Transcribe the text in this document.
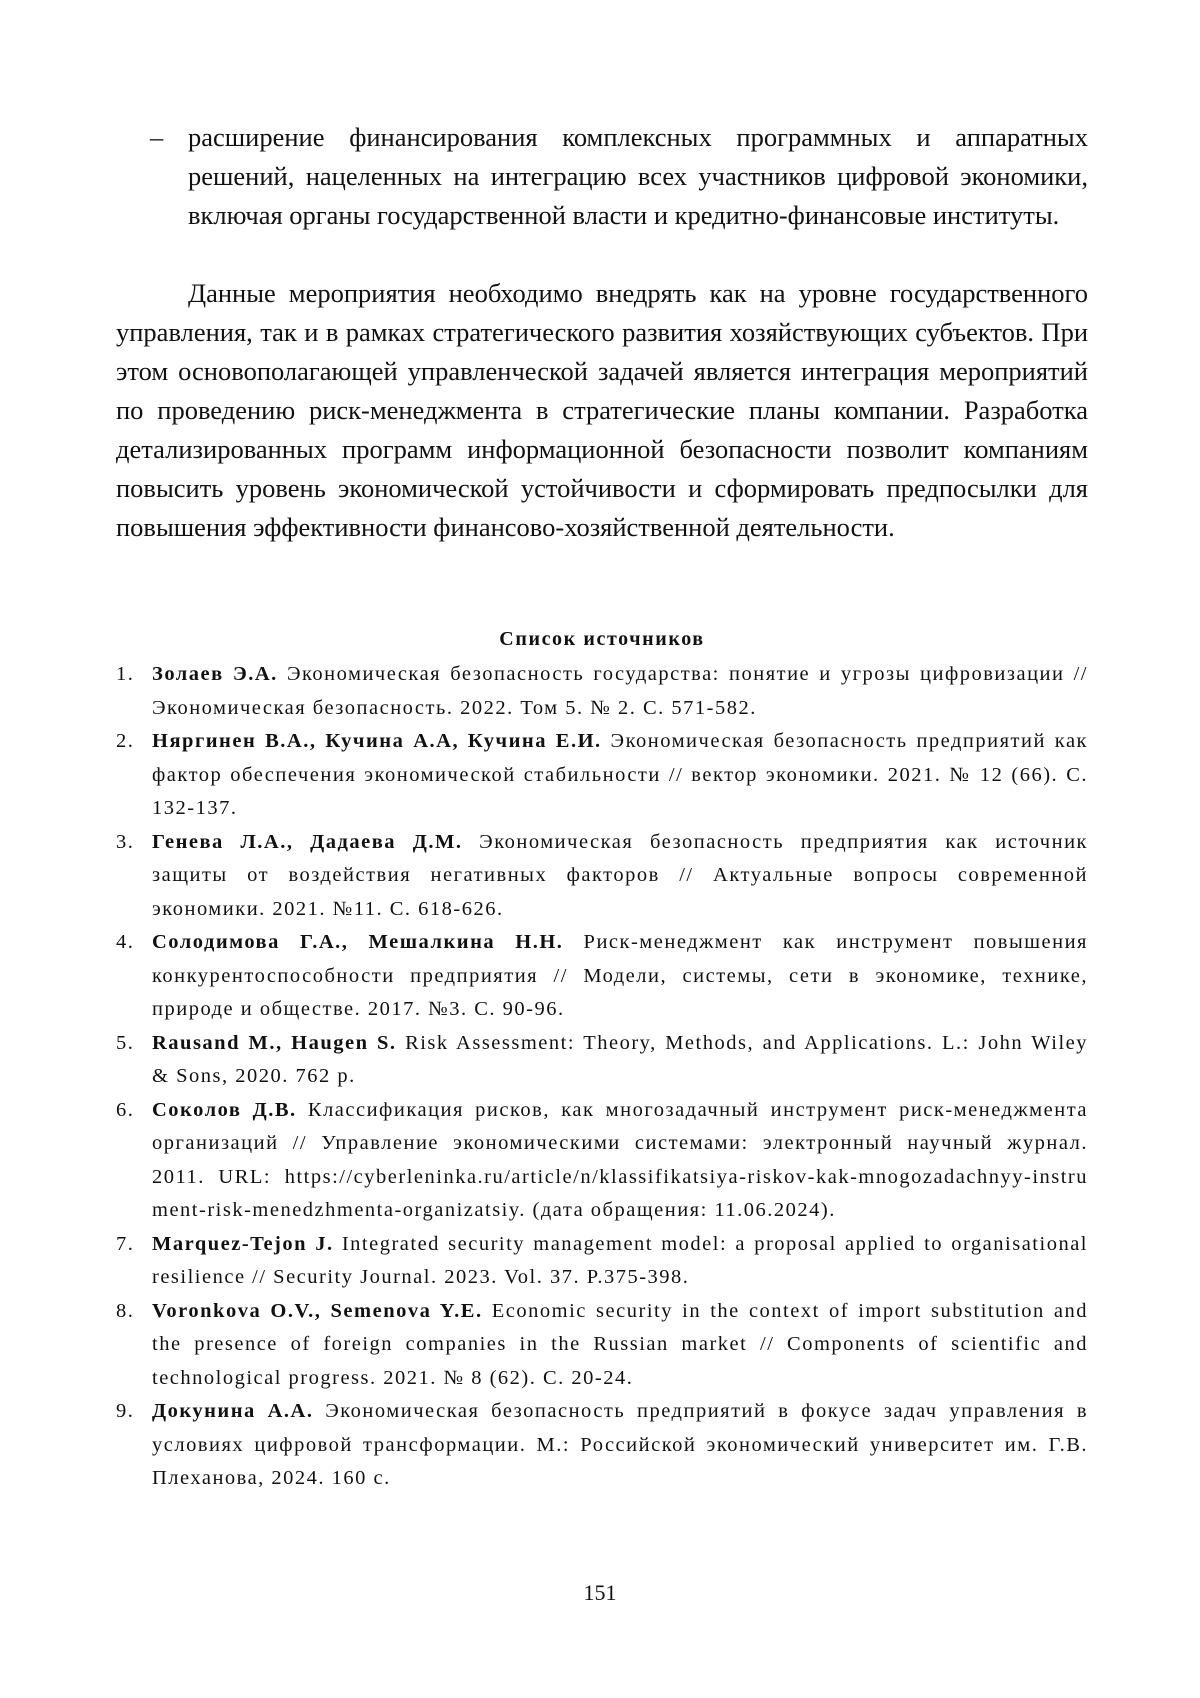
– расширение финансирования комплексных программных и аппаратных решений, нацеленных на интеграцию всех участников цифровой экономики, включая органы государственной власти и кредитно-финансовые институты.
Данные мероприятия необходимо внедрять как на уровне государственного управления, так и в рамках стратегического развития хозяйствующих субъектов. При этом основополагающей управленческой задачей является интеграция мероприятий по проведению риск-менеджмента в стратегические планы компании. Разработка детализированных программ информационной безопасности позволит компаниям повысить уровень экономической устойчивости и сформировать предпосылки для повышения эффективности финансово-хозяйственной деятельности.
Список источников
1. Золаев Э.А. Экономическая безопасность государства: понятие и угрозы цифровизации // Экономическая безопасность. 2022. Том 5. № 2. С. 571-582.
2. Няргинен В.А., Кучина А.А, Кучина Е.И. Экономическая безопасность предприятий как фактор обеспечения экономической стабильности // вектор экономики. 2021. № 12 (66). С. 132-137.
3. Генева Л.А., Дадаева Д.М. Экономическая безопасность предприятия как источник защиты от воздействия негативных факторов // Актуальные вопросы современной экономики. 2021. №11. С. 618-626.
4. Солодимова Г.А., Мешалкина Н.Н. Риск-менеджмент как инструмент повышения конкурентоспособности предприятия // Модели, системы, сети в экономике, технике, природе и обществе. 2017. №3. С. 90-96.
5. Rausand M., Haugen S. Risk Assessment: Theory, Methods, and Applications. L.: John Wiley & Sons, 2020. 762 p.
6. Соколов Д.В. Классификация рисков, как многозадачный инструмент риск-менеджмента организаций // Управление экономическими системами: электронный научный журнал. 2011. URL: https://cyberleninka.ru/article/n/klassifikatsiya-riskov-kak-mnogozadachnyy-instrument-risk-menedzhmenta-organizatsiy. (дата обращения: 11.06.2024).
7. Marquez-Tejon J. Integrated security management model: a proposal applied to organisational resilience // Security Journal. 2023. Vol. 37. P.375-398.
8. Voronkova O.V., Semenova Y.E. Economic security in the context of import substitution and the presence of foreign companies in the Russian market // Components of scientific and technological progress. 2021. № 8 (62). С. 20-24.
9. Докунина А.А. Экономическая безопасность предприятий в фокусе задач управления в условиях цифровой трансформации. М.: Российской экономический университет им. Г.В. Плеханова, 2024. 160 с.
151
